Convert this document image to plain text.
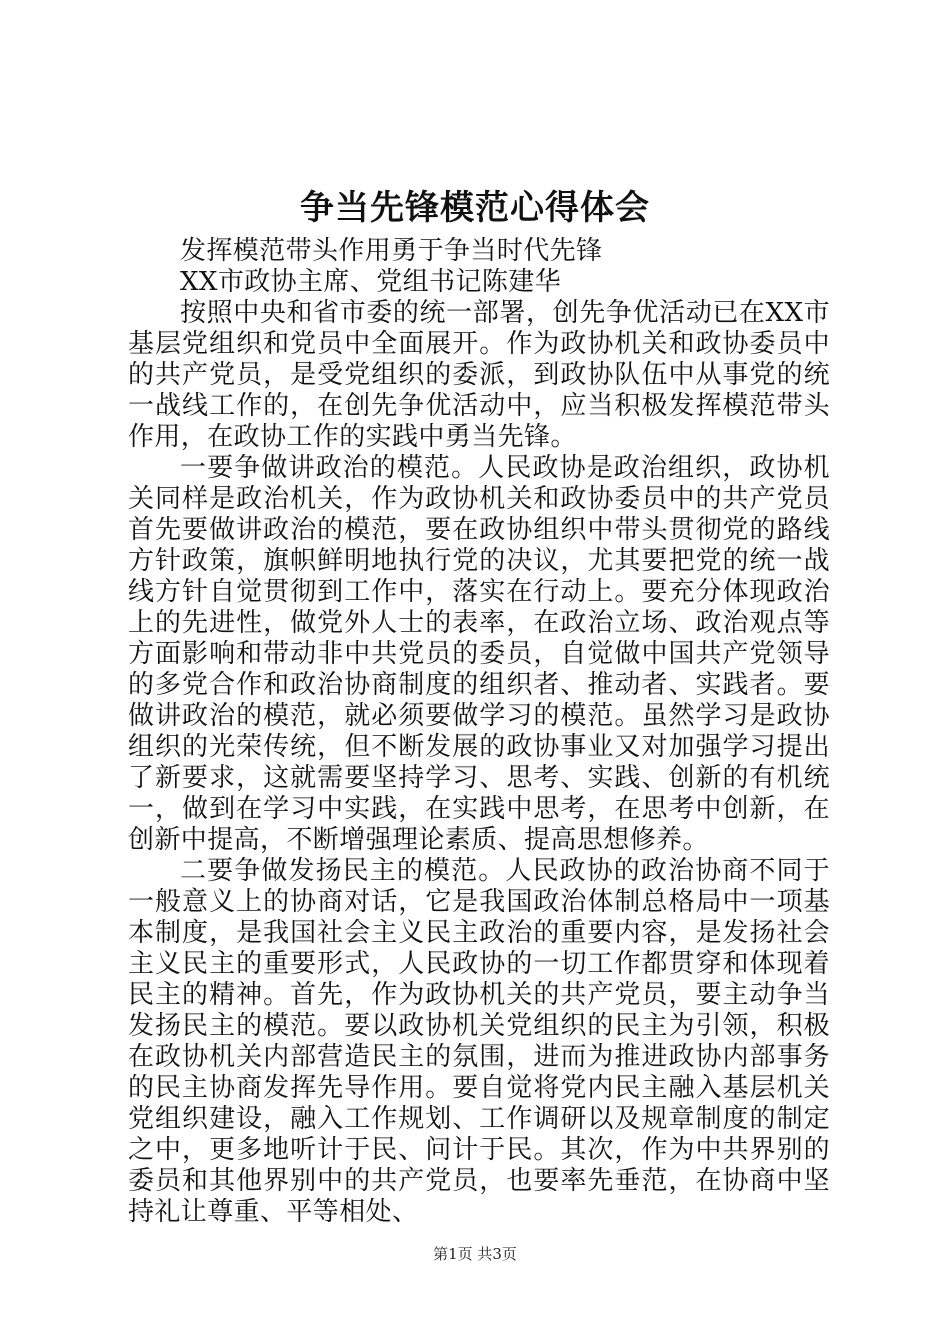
争当先锋模范心得体会

发挥模范带头作用勇于争当时代先锋

XX市政协主席、党组书记陈建华

按照中央和省市委的统一部署，创先争优活动已在XX市基层党组织和党员中全面展开。作为政协机关和政协委员中的共产党员，是受党组织的委派，到政协队伍中从事党的统一战线工作的，在创先争优活动中，应当积极发挥模范带头作用，在政协工作的实践中勇当先锋。

一要争做讲政治的模范。人民政协是政治组织，政协机关同样是政治机关，作为政协机关和政协委员中的共产党员首先要做讲政治的模范，要在政协组织中带头贯彻党的路线方针政策，旗帜鲜明地执行党的决议，尤其要把党的统一战线方针自觉贯彻到工作中，落实在行动上。要充分体现政治上的先进性，做党外人士的表率，在政治立场、政治观点等方面影响和带动非中共党员的委员，自觉做中国共产党领导的多党合作和政治协商制度的组织者、推动者、实践者。要做讲政治的模范，就必须要做学习的模范。虽然学习是政协组织的光荣传统，但不断发展的政协事业又对加强学习提出了新要求，这就需要坚持学习、思考、实践、创新的有机统一，做到在学习中实践，在实践中思考，在思考中创新，在创新中提高，不断增强理论素质、提高思想修养。

二要争做发扬民主的模范。人民政协的政治协商不同于一般意义上的协商对话，它是我国政治体制总格局中一项基本制度，是我国社会主义民主政治的重要内容，是发扬社会主义民主的重要形式，人民政协的一切工作都贯穿和体现着民主的精神。首先，作为政协机关的共产党员，要主动争当发扬民主的模范。要以政协机关党组织的民主为引领，积极在政协机关内部营造民主的氛围，进而为推进政协内部事务的民主协商发挥先导作用。要自觉将党内民主融入基层机关党组织建设，融入工作规划、工作调研以及规章制度的制定之中，更多地听计于民、问计于民。其次，作为中共界别的委员和其他界别中的共产党员，也要率先垂范，在协商中坚持礼让尊重、平等相处、

第1页 共3页
